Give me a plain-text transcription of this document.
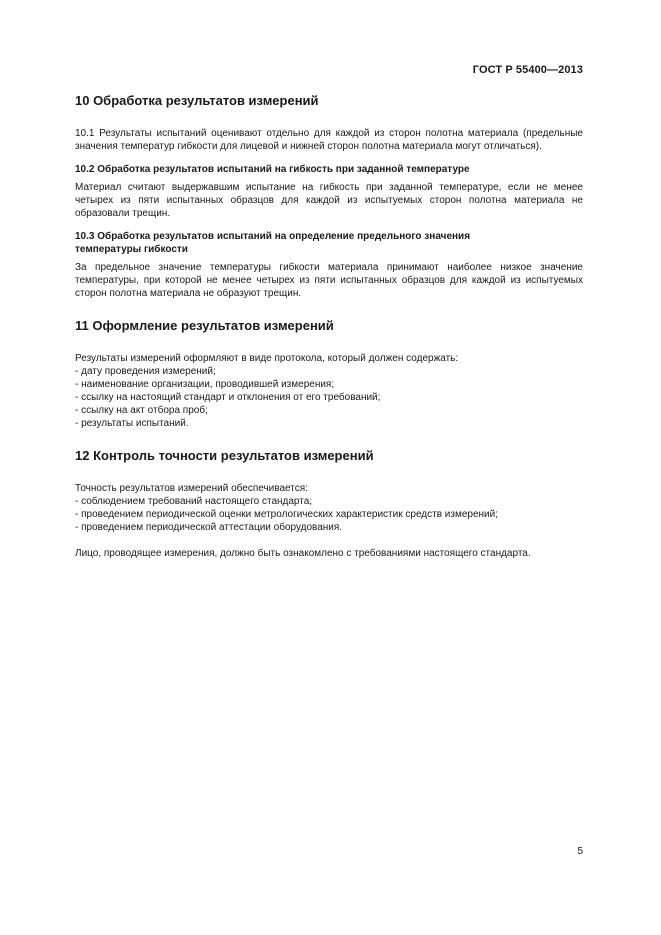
ГОСТ Р 55400—2013
10 Обработка результатов измерений

10.1 Результаты испытаний оценивают отдельно для каждой из сторон полотна материала (предельные значения температур гибкости для лицевой и нижней сторон полотна материала могут отличаться).

10.2 Обработка результатов испытаний на гибкость при заданной температуре

Материал считают выдержавшим испытание на гибкость при заданной температуре, если не менее четырех из пяти испытанных образцов для каждой из испытуемых сторон полотна материала не образовали трещин.

10.3 Обработка результатов испытаний на определение предельного значения
температуры гибкости

За предельное значение температуры гибкости материала принимают наиболее низкое значение температуры, при которой не менее четырех из пяти испытанных образцов для каждой из испытуемых сторон полотна материала не образуют трещин.

11 Оформление результатов измерений

Результаты измерений оформляют в виде протокола, который должен содержать:

- дату проведения измерений;

- наименование организации, проводившей измерения;

- ссылку на настоящий стандарт и отклонения от его требований;

- ссылку на акт отбора проб;

- результаты испытаний.

12 Контроль точности результатов измерений

Точность результатов измерений обеспечивается:

- соблюдением требований настоящего стандарта;

- проведением периодической оценки метрологических характеристик средств измерений;

- проведением периодической аттестации оборудования.

Лицо, проводящее измерения, должно быть ознакомлено с требованиями настоящего стандарта.

5
